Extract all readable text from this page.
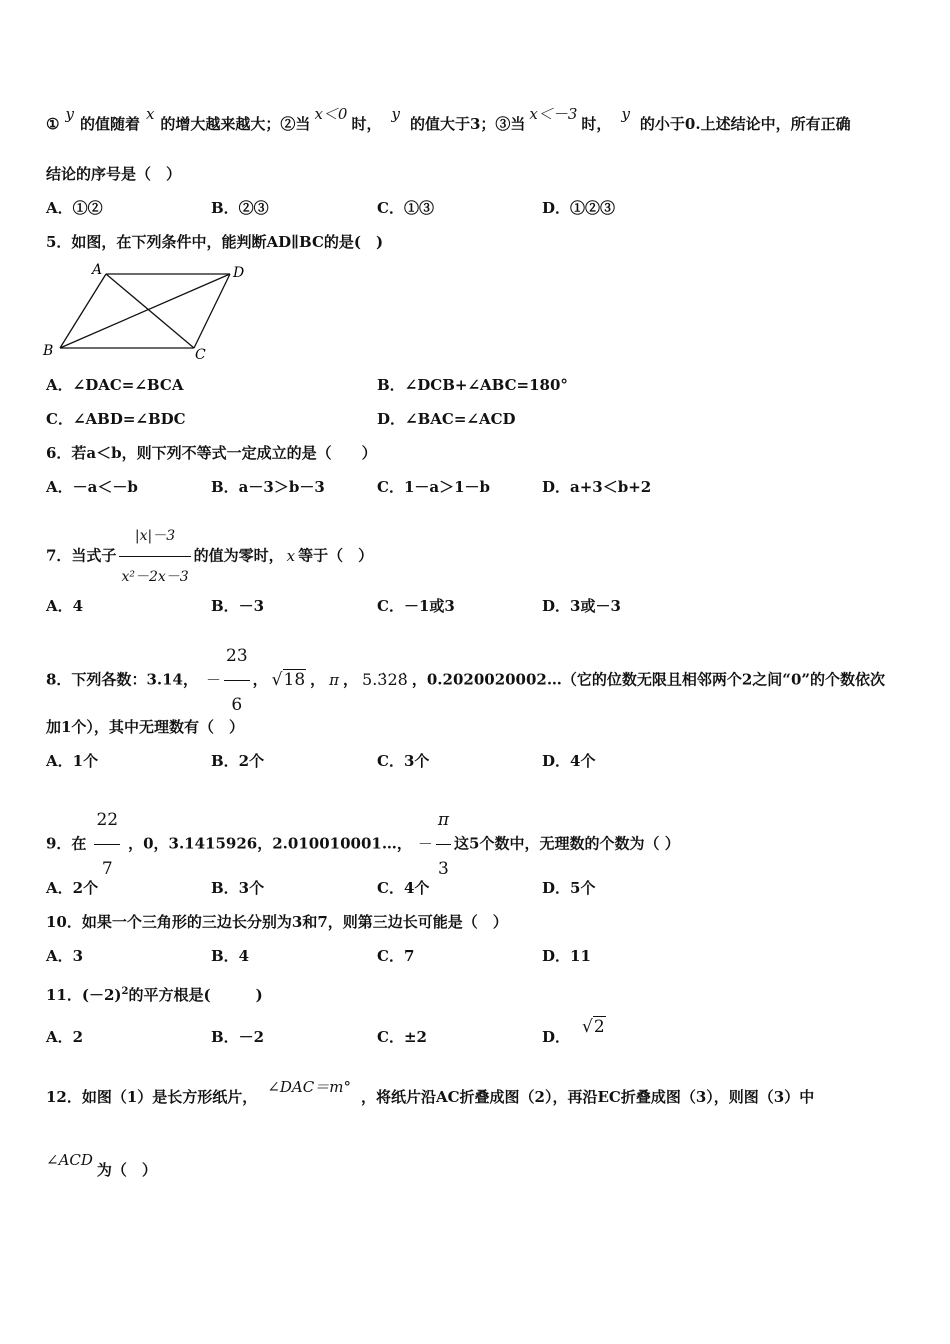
①y的值随着x的增大越来越大；②当x＜0时，y的值大于3；③当x＜－3时，y的小于0.上述结论中，所有正确
结论的序号是（　）
A．①②	B．②③	C．①③	D．①②③
5．如图，在下列条件中，能判断AD∥BC的是(　)
A	D
B	C
A．∠DAC=∠BCA	B．∠DCB+∠ABC=180°
C．∠ABD=∠BDC	D．∠BAC=∠ACD
6．若a＜b，则下列不等式一定成立的是（　　）
A．－a＜－b	B．a－3＞b－3	C．1－a＞1－b	D．a+3＜b+2
7．当式子 $\frac{|x|-3}{\text{x²－2x－3}}$ 的值为零时， x 等于（　）
A．4	B．－3	C．－1或3	D．3或－3
8．下列各数：3.14， － $\frac{23}{6}$ ， √18 ， π ， 5.3̇28̇ ，0.2020020002…（它的位数无限且相邻两个2之间“0”的个数依次
加1个），其中无理数有（　）
A．1个	B．2个	C．3个	D．4个
9．在 $\frac{22}{7}$ ，0，3.1415926，2.010010001…， － $\frac{\pi}{3}$ 这5个数中，无理数的个数为（ ）
A．2个	B．3个	C．4个	D．5个
10．如果一个三角形的三边长分别为3和7，则第三边长可能是（　）
A．3	B．4	C．7	D．11
11．$(-2)^2$的平方根是(　　　)
A．2	B．－2	C．±2	D． √2
12．如图（1）是长方形纸片，∠DAC＝m°，将纸片沿AC折叠成图（2），再沿EC折叠成图（3），则图（3）中
∠ACD为（　）
